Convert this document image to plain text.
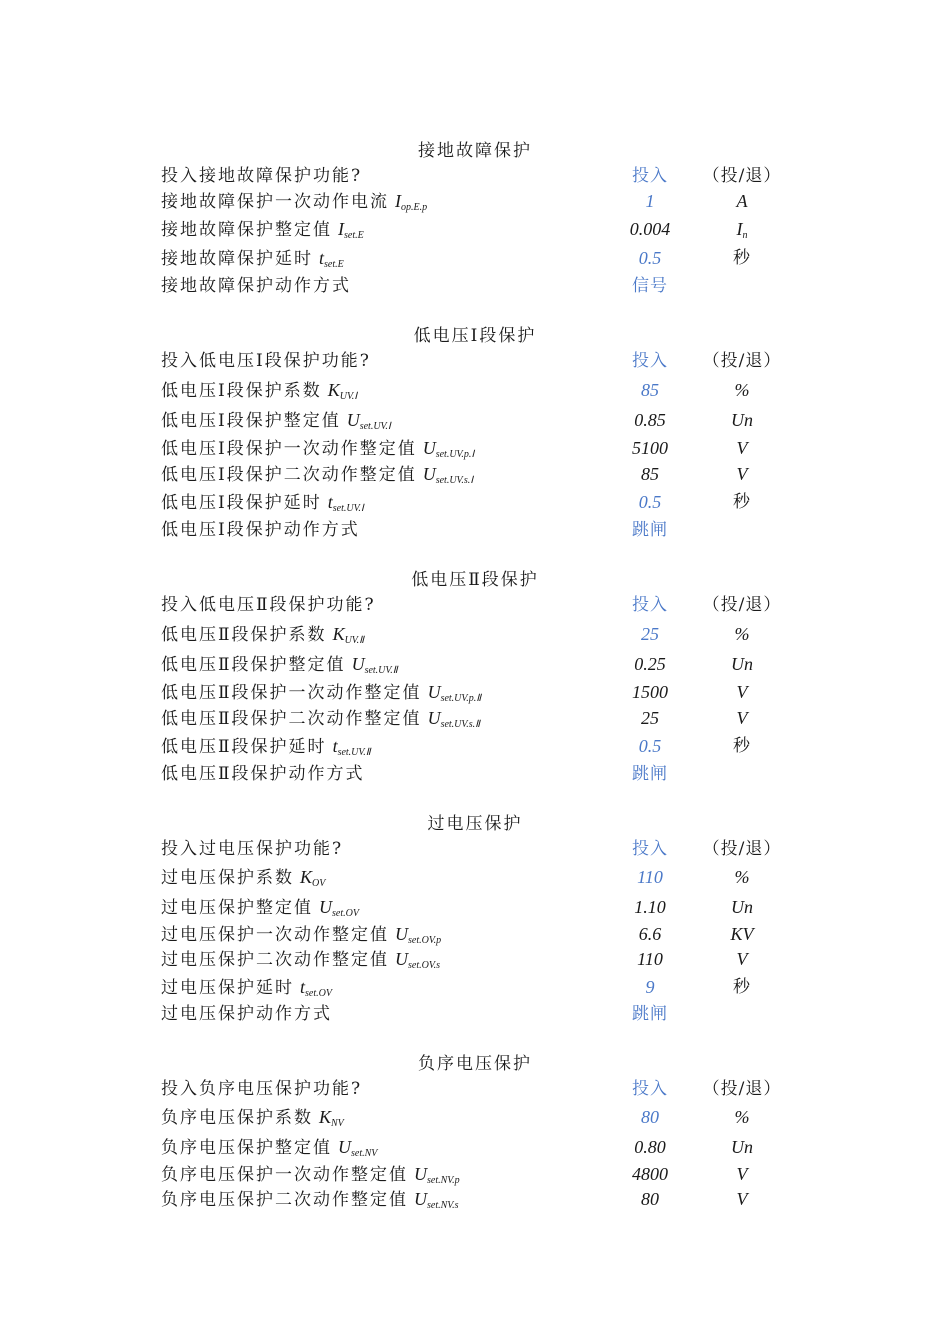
接地故障保护
投入接地故障保护功能?	投入	（投/退）
接地故障保护一次动作电流 $I_{op.E.p}$	1	A
接地故障保护整定值 $I_{set.E}$	0.004	$I_n$
接地故障保护延时 $t_{set.E}$	0.5	秒
接地故障保护动作方式	信号
低电压Ⅰ段保护
投入低电压Ⅰ段保护功能?	投入	（投/退）
低电压Ⅰ段保护系数 $K_{UV.Ⅰ}$	85	%
低电压Ⅰ段保护整定值 $U_{set.UV.Ⅰ}$	0.85	Un
低电压Ⅰ段保护一次动作整定值 $U_{set.UV.p.Ⅰ}$	5100	V
低电压Ⅰ段保护二次动作整定值 $U_{set.UV.s.Ⅰ}$	85	V
低电压Ⅰ段保护延时 $t_{set.UV.Ⅰ}$	0.5	秒
低电压Ⅰ段保护动作方式	跳闸
低电压Ⅱ段保护
投入低电压Ⅱ段保护功能?	投入	（投/退）
低电压Ⅱ段保护系数 $K_{UV.Ⅱ}$	25	%
低电压Ⅱ段保护整定值 $U_{set.UV.Ⅱ}$	0.25	Un
低电压Ⅱ段保护一次动作整定值 $U_{set.UV.p.Ⅱ}$	1500	V
低电压Ⅱ段保护二次动作整定值 $U_{set.UV.s.Ⅱ}$	25	V
低电压Ⅱ段保护延时 $t_{set.UV.Ⅱ}$	0.5	秒
低电压Ⅱ段保护动作方式	跳闸
过电压保护
投入过电压保护功能?	投入	（投/退）
过电压保护系数 $K_{OV}$	110	%
过电压保护整定值 $U_{set.OV}$	1.10	Un
过电压保护一次动作整定值 $U_{set.OV.p}$	6.6	KV
过电压保护二次动作整定值 $U_{set.OV.s}$	110	V
过电压保护延时 $t_{set.OV}$	9	秒
过电压保护动作方式	跳闸
负序电压保护
投入负序电压保护功能?	投入	（投/退）
负序电压保护系数 $K_{NV}$	80	%
负序电压保护整定值 $U_{set.NV}$	0.80	Un
负序电压保护一次动作整定值 $U_{set.NV.p}$	4800	V
负序电压保护二次动作整定值 $U_{set.NV.s}$	80	V
